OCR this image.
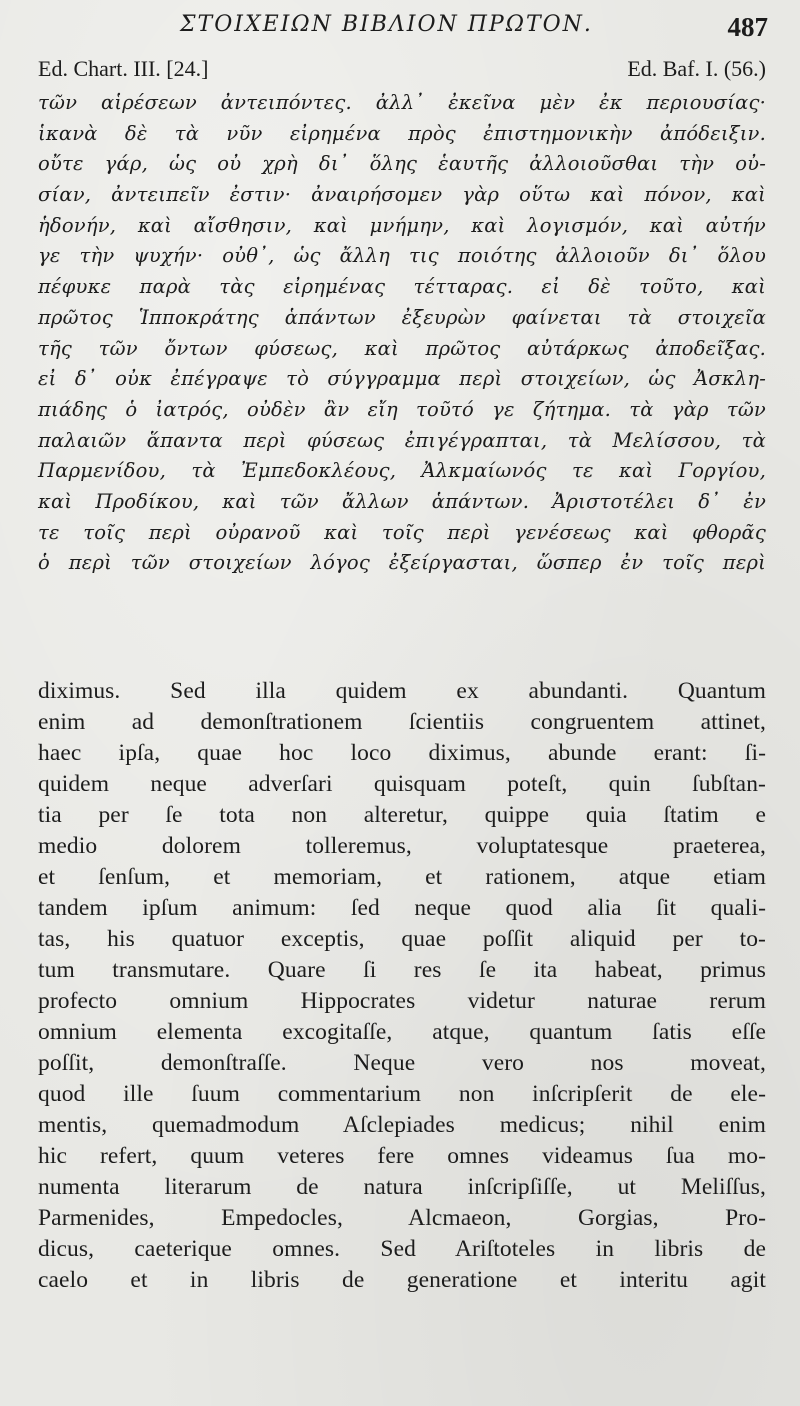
ΣΤΟΙΧΕΙΩΝ ΒΙΒΛΙΟΝ ΠΡΩΤΟΝ.	487
Ed. Chart. III. [24.]	Ed. Baf. I. (56.)
τῶν αἱρέσεων ἀντειπόντες. ἀλλ᾽ ἐκεῖνα μὲν ἐκ περιουσίας·
ἱκανὰ δὲ τὰ νῦν εἰρημένα πρὸς ἐπιστημονικὴν ἀπόδειξιν.
οὔτε γάρ, ὡς οὐ χρὴ δι᾽ ὅλης ἑαυτῆς ἀλλοιοῦσθαι τὴν οὐ-
σίαν, ἀντειπεῖν ἐστιν· ἀναιρήσομεν γὰρ οὕτω καὶ πόνον, καὶ
ἡδονήν, καὶ αἴσθησιν, καὶ μνήμην, καὶ λογισμόν, καὶ αὐτήν
γε τὴν ψυχήν· οὐθ᾽, ὡς ἄλλη τις ποιότης ἀλλοιοῦν δι᾽ ὅλου
πέφυκε παρὰ τὰς εἰρημένας τέτταρας. εἰ δὲ τοῦτο, καὶ
πρῶτος Ἱπποκράτης ἁπάντων ἐξευρὼν φαίνεται τὰ στοιχεῖα
τῆς τῶν ὄντων φύσεως, καὶ πρῶτος αὐτάρκως ἀποδεῖξας.
εἰ δ᾽ οὐκ ἐπέγραψε τὸ σύγγραμμα περὶ στοιχείων, ὡς Ἀσκλη-
πιάδης ὁ ἰατρός, οὐδὲν ἂν εἴη τοῦτό γε ζήτημα. τὰ γὰρ τῶν
παλαιῶν ἅπαντα περὶ φύσεως ἐπιγέγραπται, τὰ Μελίσσου, τὰ
Παρμενίδου, τὰ Ἐμπεδοκλέους, Ἀλκμαίωνός τε καὶ Γοργίου,
καὶ Προδίκου, καὶ τῶν ἄλλων ἁπάντων. Ἀριστοτέλει δ᾽ ἐν
τε τοῖς περὶ οὐρανοῦ καὶ τοῖς περὶ γενέσεως καὶ φθορᾶς
ὁ περὶ τῶν στοιχείων λόγος ἐξείργασται, ὥσπερ ἐν τοῖς περὶ
diximus. Sed illa quidem ex abundanti. Quantum
enim ad demonſtrationem ſcientiis congruentem attinet,
haec ipſa, quae hoc loco diximus, abunde erant: ſi-
quidem neque adverſari quisquam poteſt, quin ſubſtan-
tia per ſe tota non alteretur, quippe quia ſtatim e
medio dolorem tolleremus, voluptatesque praeterea,
et ſenſum, et memoriam, et rationem, atque etiam
tandem ipſum animum: ſed neque quod alia ſit quali-
tas, his quatuor exceptis, quae poſſit aliquid per to-
tum transmutare. Quare ſi res ſe ita habeat, primus
profecto omnium Hippocrates videtur naturae rerum
omnium elementa excogitaſſe, atque, quantum ſatis eſſe
poſſit, demonſtraſſe. Neque vero nos moveat,
quod ille ſuum commentarium non inſcripſerit de ele-
mentis, quemadmodum Aſclepiades medicus; nihil enim
hic refert, quum veteres fere omnes videamus ſua mo-
numenta literarum de natura inſcripſiſſe, ut Meliſſus,
Parmenides, Empedocles, Alcmaeon, Gorgias, Pro-
dicus, caeterique omnes. Sed Ariſtoteles in libris de
caelo et in libris de generatione et interitu agit
